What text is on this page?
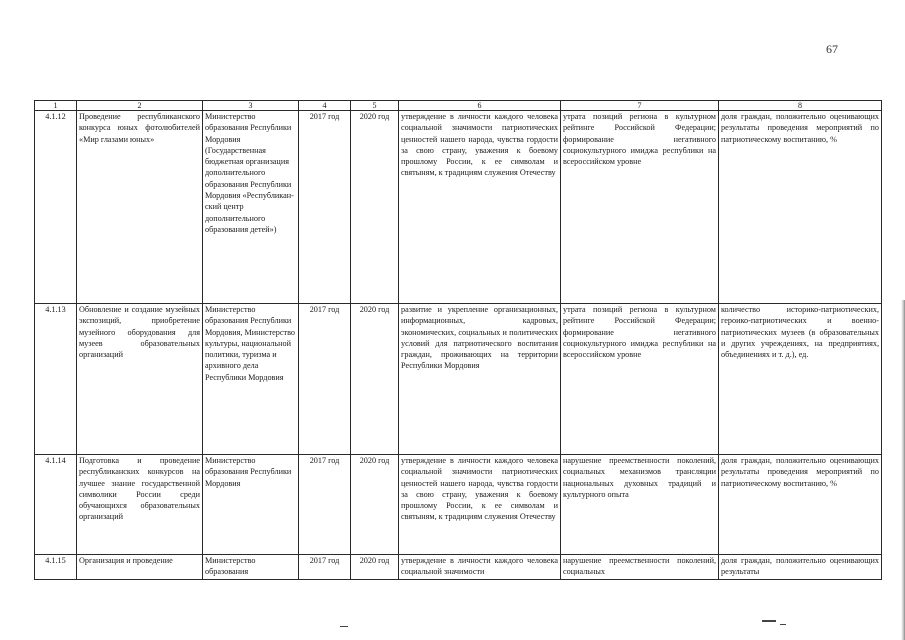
67
1	2	3	4	5	6	7	8
4.1.12	Проведение республиканского конкурса юных фотолюбителей «Мир глазами юных»	Министерство образования Республики Мордовия (Государственная бюджетная организация дополнительного образования Республики Мордовия «Республикан-ский центр дополнительного образования детей»)	2017 год	2020 год	утверждение в личности каждого человека социальной значимости патриотических ценностей нашего народа, чувства гордости за свою страну, уважения к боевому прошлому России, к ее символам и святыням, к традициям служения Отечеству	утрата позиций региона в культурном рейтинге Российской Федерации; формирование негативного социокультурного имиджа республики на всероссийском уровне	доля граждан, положительно оценивающих результаты проведения мероприятий по патриотическому воспитанию, %
4.1.13	Обновление и создание музейных экспозиций, приобретение музейного оборудования для музеев образовательных организаций	Министерство образования Республики Мордовия, Министерство культуры, национальной политики, туризма и архивного дела Республики Мордовия	2017 год	2020 год	развитие и укрепление организационных, информационных, кадровых, экономических, социальных и политических условий для патриотического воспитания граждан, проживающих на территории Республики Мордовия	утрата позиций региона в культурном рейтинге Российской Федерации; формирование негативного социокультурного имиджа республики на всероссийском уровне	количество историко-патриотических, героико-патриотических и военно-патриотических музеев (в образовательных и других учреждениях, на предприятиях, объединениях и т. д.), ед.
4.1.14	Подготовка и проведение республиканских конкурсов на лучшее знание государственной символики России среди обучающихся образовательных организаций	Министерство образования Республики Мордовия	2017 год	2020 год	утверждение в личности каждого человека социальной значимости патриотических ценностей нашего народа, чувства гордости за свою страну, уважения к боевому прошлому России, к ее символам и святыням, к традициям служения Отечеству	нарушение преемственности поколений, социальных механизмов трансляции национальных духовных традиций и культурного опыта	доля граждан, положительно оценивающих результаты проведения мероприятий по патриотическому воспитанию, %
4.1.15	Организация и проведение	Министерство образования	2017 год	2020 год	утверждение в личности каждого человека социальной значимости	нарушение преемственности поколений, социальных	доля граждан, положительно оценивающих результаты
